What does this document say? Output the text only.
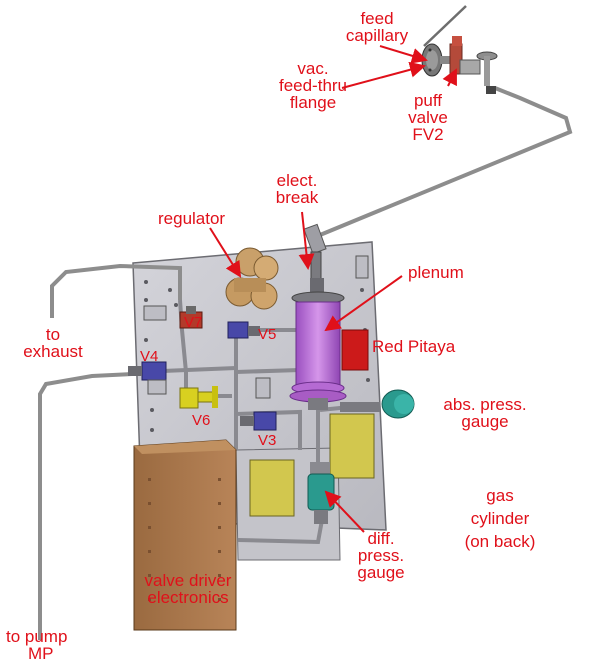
feed
capillary
vac.
feed-thru
flange	puff
valve
FV2
elect.
break
regulator
plenum
Red Pitaya
to
exhaust
abs. press.
gauge
gas
cylinder
(on back)
diff.
press.
gauge
valve driver
electronics
to pump
MP
V7
V5
V4
V6
V3
